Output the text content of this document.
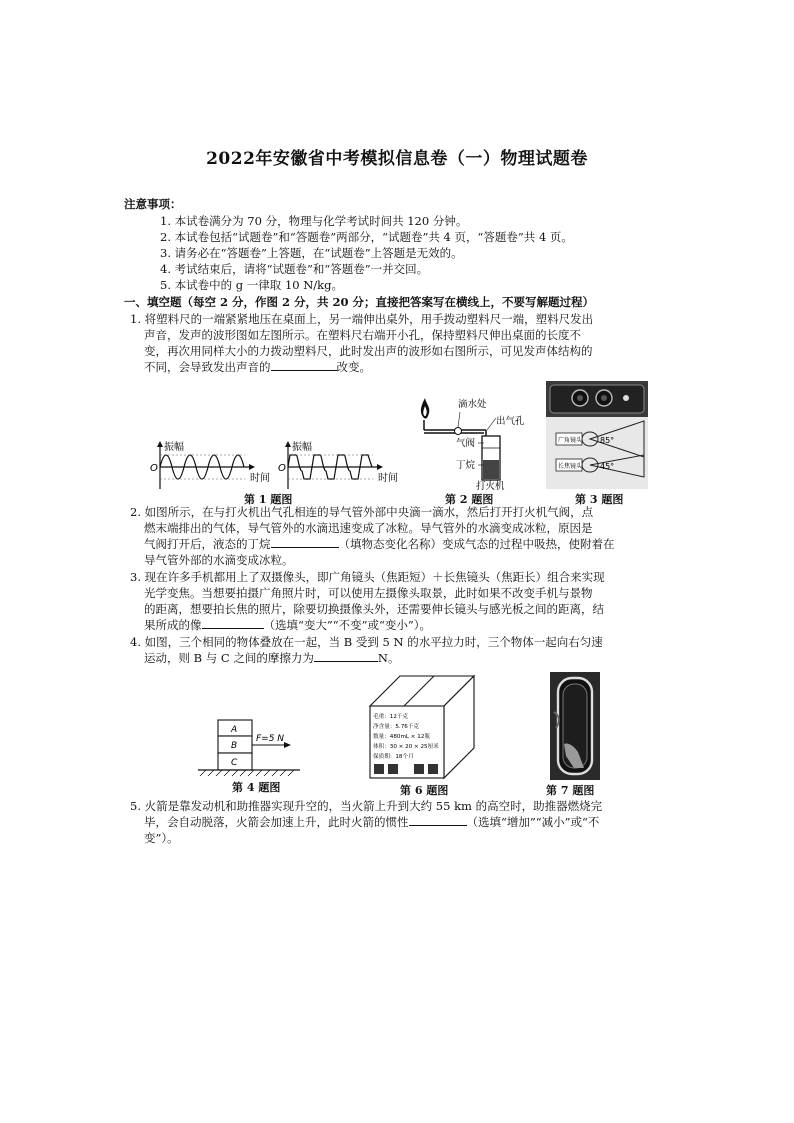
2022年安徽省中考模拟信息卷（一）物理试题卷
注意事项：
1. 本试卷满分为 70 分，物理与化学考试时间共 120 分钟。
2. 本试卷包括“试题卷”和“答题卷”两部分，“试题卷”共 4 页，“答题卷”共 4 页。
3. 请务必在“答题卷”上答题，在“试题卷”上答题是无效的。
4. 考试结束后，请将“试题卷”和“答题卷”一并交回。
5. 本试卷中的 g 一律取 10 N/kg。
一、填空题（每空 2 分，作图 2 分，共 20 分；直接把答案写在横线上，不要写解题过程）
1. 将塑料尺的一端紧紧地压在桌面上，另一端伸出桌外，用手拨动塑料尺一端，塑料尺发出
声音，发声的波形图如左图所示。在塑料尺右端开小孔，保持塑料尺伸出桌面的长度不
变，再次用同样大小的力拨动塑料尺，此时发出声的波形如右图所示，可见发声体结构的
不同，会导致发出声音的	改变。
振幅
O
时间
振幅
O
时间
第 1 题图
滴水处
出气孔
气阀
丁烷
打火机
第 2 题图
广角镜头
长焦镜头
85°
45°
第 3 题图
2. 如图所示，在与打火机出气孔相连的导气管外部中央滴一滴水，然后打开打火机气阀，点
燃末端排出的气体，导气管外的水滴迅速变成了冰粒。导气管外的水滴变成冰粒，原因是
气阀打开后，液态的丁烷	（填物态变化名称）变成气态的过程中吸热，使附着在
导气管外部的水滴变成冰粒。
3. 现在许多手机都用上了双摄像头，即广角镜头（焦距短）＋长焦镜头（焦距长）组合来实现
光学变焦。当想要拍摄广角照片时，可以使用左摄像头取景，此时如果不改变手机与景物
的距离，想要拍长焦的照片，除要切换摄像头外，还需要伸长镜头与感光板之间的距离，结
果所成的像	（选填“变大”“不变”或“变小”）。
4. 如图，三个相同的物体叠放在一起，当 B 受到 5 N 的水平拉力时，三个物体一起向右匀速
运动，则 B 与 C 之间的摩擦力为	N。
A
B
C
F=5 N
第 4 题图
毛重：12千克
净含量：5.76千克
数量：480mL × 12瓶
体积：30 × 20 × 25厘米
保质期：18个月
第 6 题图	第 7 题图
5. 火箭是靠发动机和助推器实现升空的，当火箭上升到大约 55 km 的高空时，助推器燃烧完
毕，会自动脱落，火箭会加速上升，此时火箭的惯性	（选填“增加”“减小”或“不
变”）。
